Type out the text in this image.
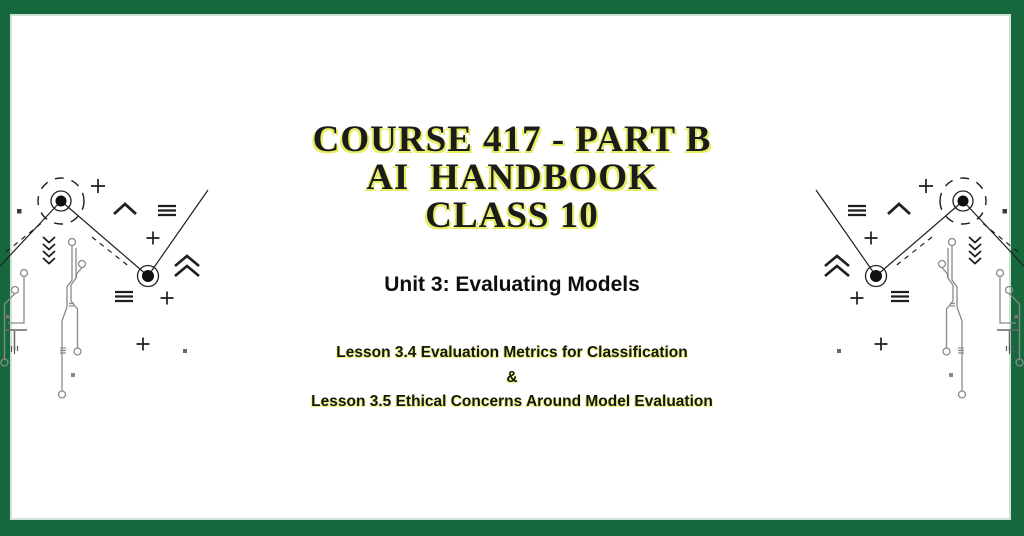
COURSE 417 - PART B
AI  HANDBOOK
CLASS 10
Unit 3: Evaluating Models
Lesson 3.4 Evaluation Metrics for Classification
&
Lesson 3.5 Ethical Concerns Around Model Evaluation
